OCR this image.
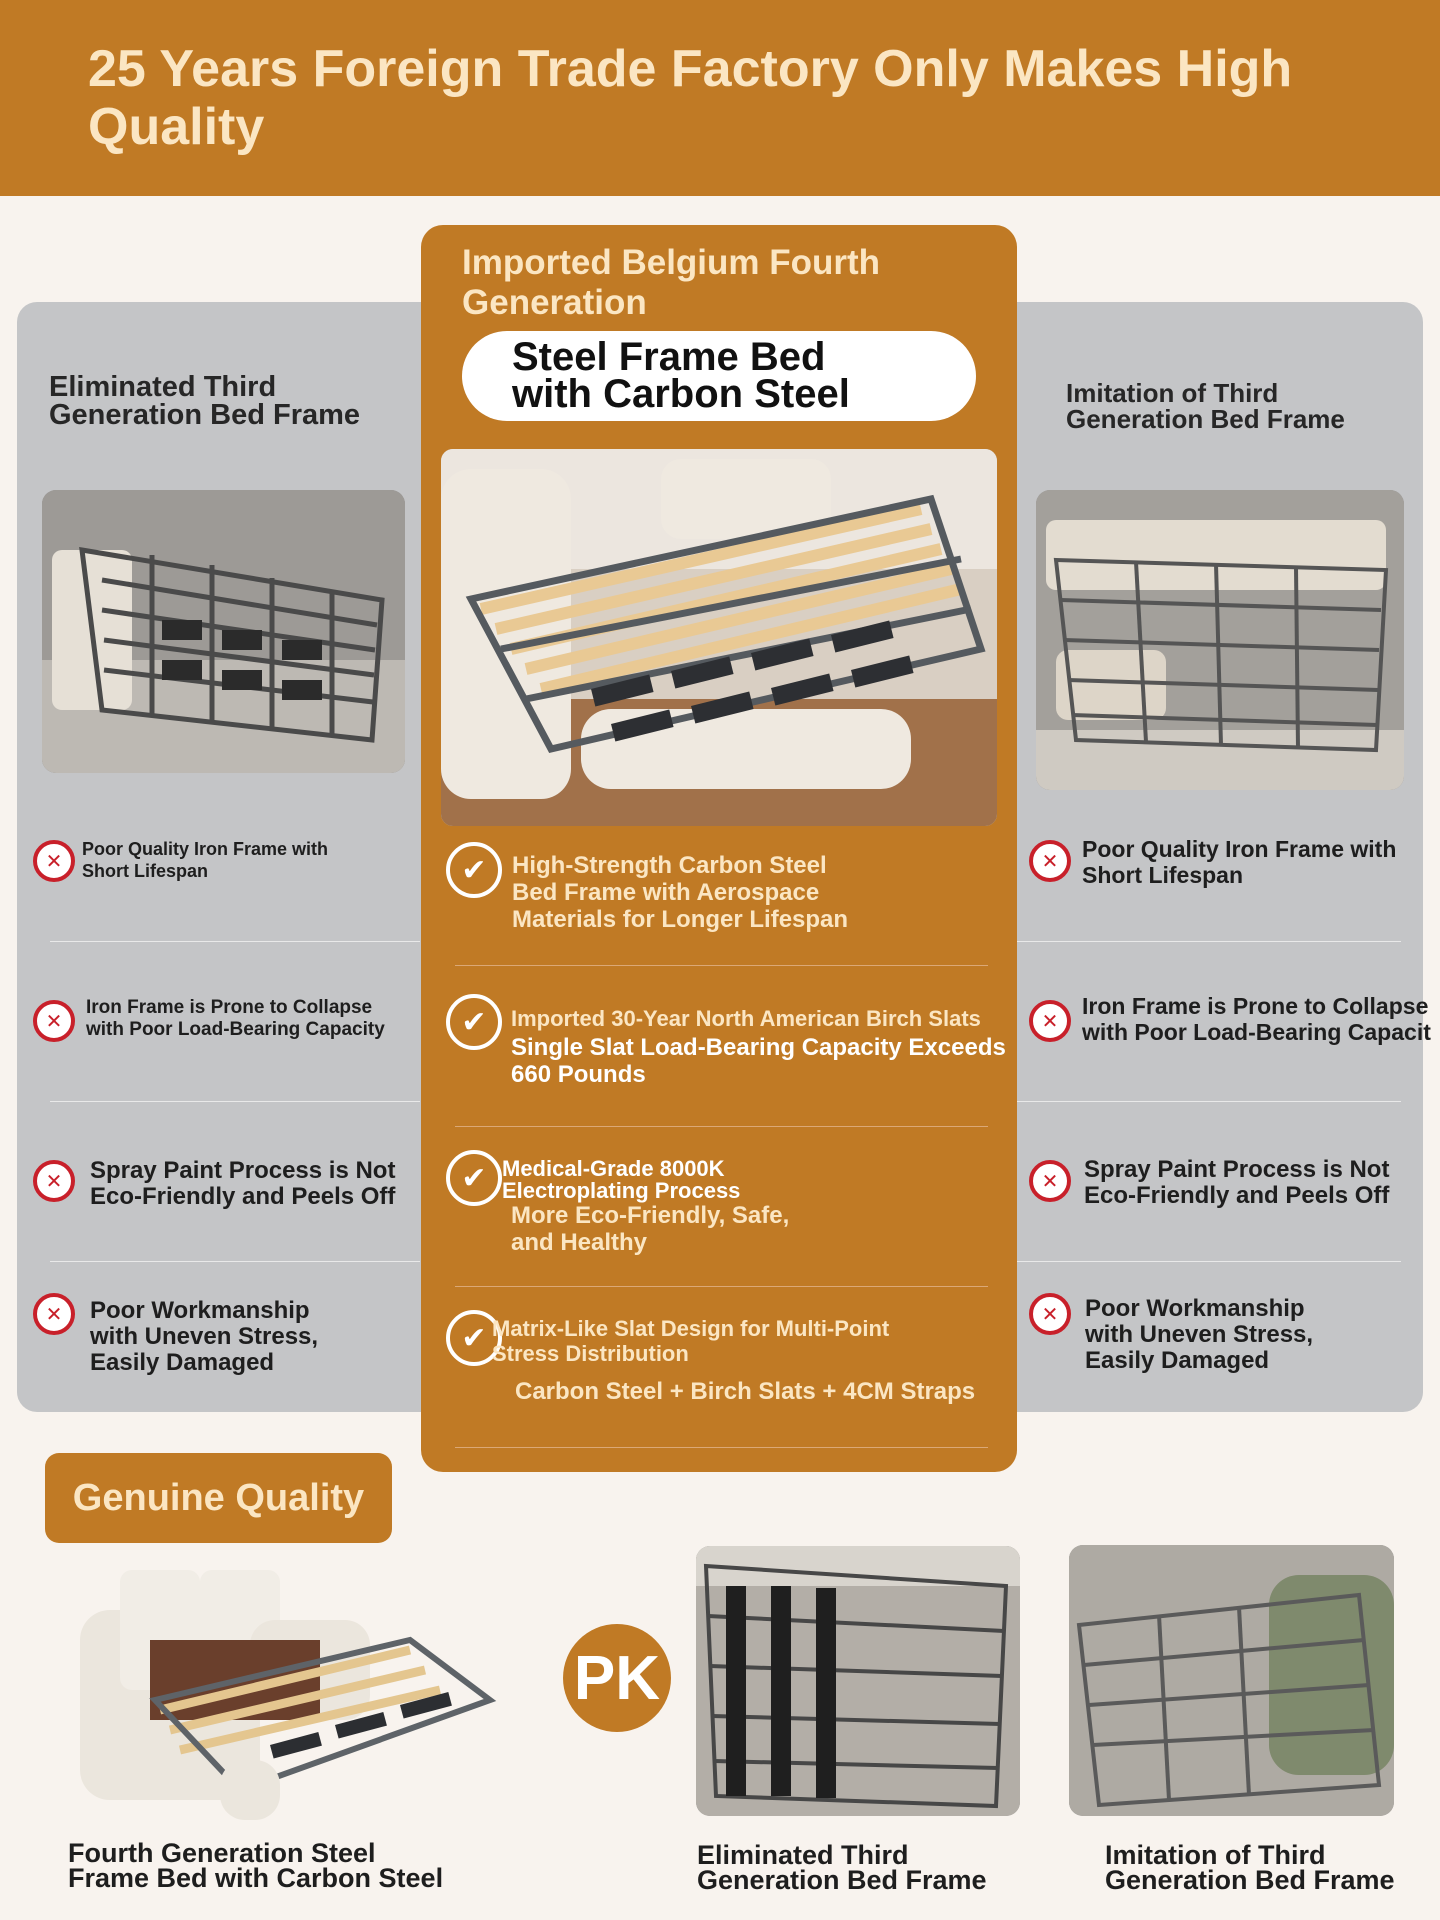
25 Years Foreign Trade Factory Only Makes High Quality
Eliminated Third
Generation Bed Frame
✕
Poor Quality Iron Frame with
Short Lifespan
✕
Iron Frame is Prone to Collapse
with Poor Load-Bearing Capacity
✕
Spray Paint Process is Not
Eco-Friendly and Peels Off
✕
Poor Workmanship
with Uneven Stress,
Easily Damaged
Imitation of Third
Generation Bed Frame
✕
Poor Quality Iron Frame with
Short Lifespan
✕
Iron Frame is Prone to Collapse
with Poor Load-Bearing Capacit
✕
Spray Paint Process is Not
Eco-Friendly and Peels Off
✕
Poor Workmanship
with Uneven Stress,
Easily Damaged
Imported Belgium Fourth
Generation
Steel Frame Bed
with Carbon Steel
✔
High-Strength Carbon Steel
Bed Frame with Aerospace
Materials for Longer Lifespan
✔
Imported 30-Year North American Birch Slats
Single Slat Load-Bearing Capacity Exceeds
660 Pounds
✔
Medical-Grade 8000K
Electroplating Process
More Eco-Friendly, Safe,
and Healthy
✔
Matrix-Like Slat Design for Multi-Point
Stress Distribution
Carbon Steel + Birch Slats + 4CM Straps
Genuine Quality
PK
Fourth Generation Steel
Frame Bed with Carbon Steel
Eliminated Third
Generation Bed Frame
Imitation of Third
Generation Bed Frame
